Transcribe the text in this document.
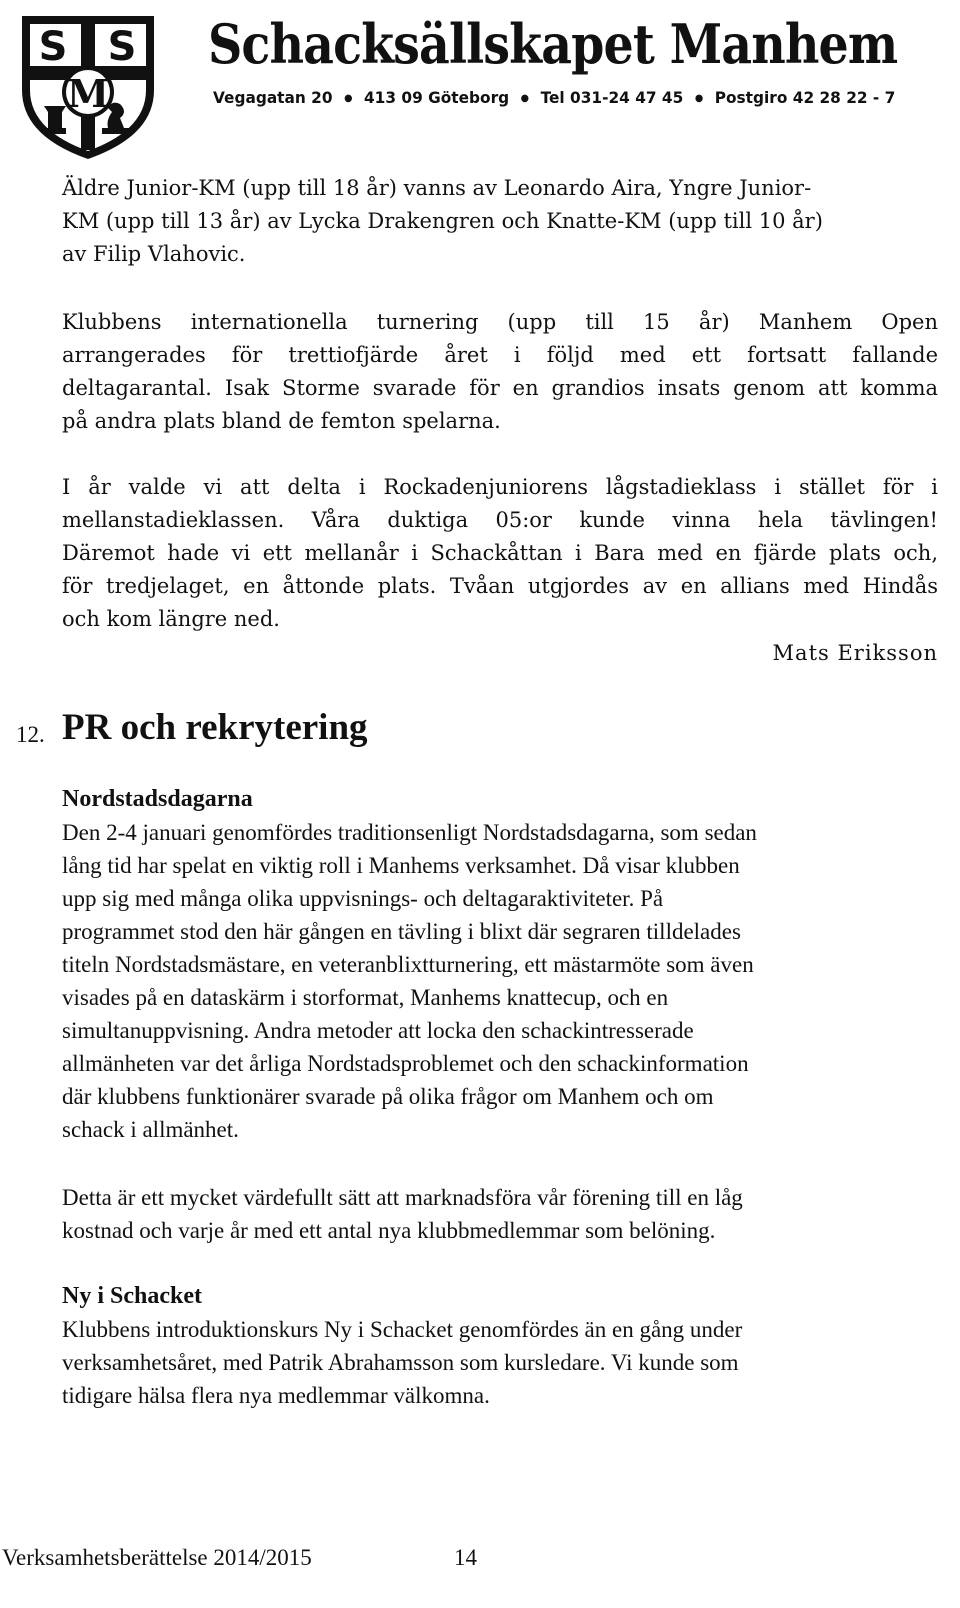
S S
M
Schacksällskapet Manhem
Vegagatan 20 ● 413 09 Göteborg ● Tel 031-24 47 45 ● Postgiro 42 28 22 - 7
Äldre Junior-KM (upp till 18 år) vanns av Leonardo Aira, Yngre Junior-
KM (upp till 13 år) av Lycka Drakengren och Knatte-KM (upp till 10 år)
av Filip Vlahovic.
Klubbens internationella turnering (upp till 15 år) Manhem Open
arrangerades för trettiofjärde året i följd med ett fortsatt fallande
deltagarantal. Isak Storme svarade för en grandios insats genom att komma
på andra plats bland de femton spelarna.
I år valde vi att delta i Rockadenjuniorens lågstadieklass i stället för i
mellanstadieklassen. Våra duktiga 05:or kunde vinna hela tävlingen!
Däremot hade vi ett mellanår i Schackåttan i Bara med en fjärde plats och,
för tredjelaget, en åttonde plats. Tvåan utgjordes av en allians med Hindås
och kom längre ned.
Mats Eriksson
12. PR och rekrytering
Nordstadsdagarna
Den 2-4 januari genomfördes traditionsenligt Nordstadsdagarna, som sedan
lång tid har spelat en viktig roll i Manhems verksamhet. Då visar klubben
upp sig med många olika uppvisnings- och deltagaraktiviteter. På
programmet stod den här gången en tävling i blixt där segraren tilldelades
titeln Nordstadsmästare, en veteranblixtturnering, ett mästarmöte som även
visades på en dataskärm i storformat, Manhems knattecup, och en
simultanuppvisning. Andra metoder att locka den schackintresserade
allmänheten var det årliga Nordstadsproblemet och den schackinformation
där klubbens funktionärer svarade på olika frågor om Manhem och om
schack i allmänhet.
Detta är ett mycket värdefullt sätt att marknadsföra vår förening till en låg
kostnad och varje år med ett antal nya klubbmedlemmar som belöning.
Ny i Schacket
Klubbens introduktionskurs Ny i Schacket genomfördes än en gång under
verksamhetsåret, med Patrik Abrahamsson som kursledare. Vi kunde som
tidigare hälsa flera nya medlemmar välkomna.
Verksamhetsberättelse 2014/2015	14
